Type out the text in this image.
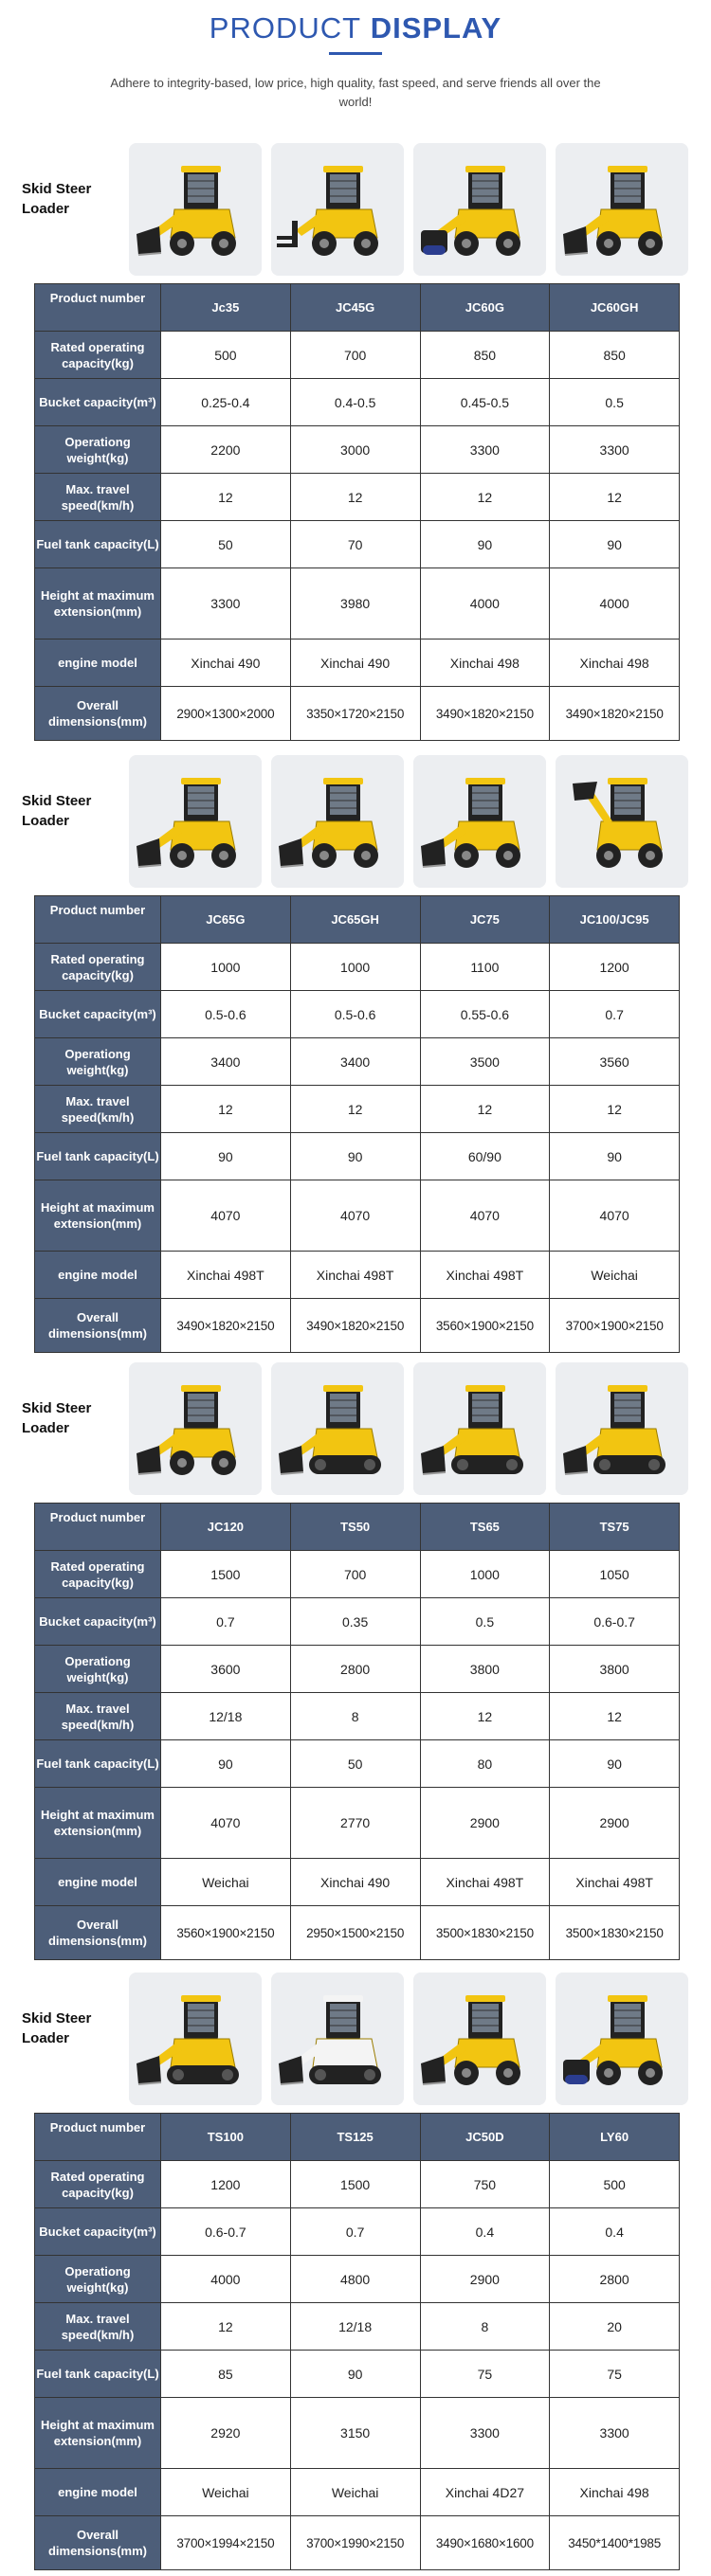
PRODUCT DISPLAY

Adhere to integrity-based, low price, high quality, fast speed, and serve friends all over the world!

Skid Steer Loader
Product number	Jc35	JC45G	JC60G	JC60GH
Rated operating capacity(kg)	500	700	850	850
Bucket capacity(m³)	0.25-0.4	0.4-0.5	0.45-0.5	0.5
Operationg weight(kg)	2200	3000	3300	3300
Max. travel speed(km/h)	12	12	12	12
Fuel tank capacity(L)	50	70	90	90
Height at maximum extension(mm)	3300	3980	4000	4000
engine model	Xinchai 490	Xinchai 490	Xinchai 498	Xinchai 498
Overall dimensions(mm)	2900×1300×2000	3350×1720×2150	3490×1820×2150	3490×1820×2150
Skid Steer Loader
Product number	JC65G	JC65GH	JC75	JC100/JC95
Rated operating capacity(kg)	1000	1000	1100	1200
Bucket capacity(m³)	0.5-0.6	0.5-0.6	0.55-0.6	0.7
Operationg weight(kg)	3400	3400	3500	3560
Max. travel speed(km/h)	12	12	12	12
Fuel tank capacity(L)	90	90	60/90	90
Height at maximum extension(mm)	4070	4070	4070	4070
engine model	Xinchai 498T	Xinchai 498T	Xinchai 498T	Weichai
Overall dimensions(mm)	3490×1820×2150	3490×1820×2150	3560×1900×2150	3700×1900×2150
Skid Steer Loader
Product number	JC120	TS50	TS65	TS75
Rated operating capacity(kg)	1500	700	1000	1050
Bucket capacity(m³)	0.7	0.35	0.5	0.6-0.7
Operationg weight(kg)	3600	2800	3800	3800
Max. travel speed(km/h)	12/18	8	12	12
Fuel tank capacity(L)	90	50	80	90
Height at maximum extension(mm)	4070	2770	2900	2900
engine model	Weichai	Xinchai 490	Xinchai 498T	Xinchai 498T
Overall dimensions(mm)	3560×1900×2150	2950×1500×2150	3500×1830×2150	3500×1830×2150
Skid Steer Loader
Product number	TS100	TS125	JC50D	LY60
Rated operating capacity(kg)	1200	1500	750	500
Bucket capacity(m³)	0.6-0.7	0.7	0.4	0.4
Operationg weight(kg)	4000	4800	2900	2800
Max. travel speed(km/h)	12	12/18	8	20
Fuel tank capacity(L)	85	90	75	75
Height at maximum extension(mm)	2920	3150	3300	3300
engine model	Weichai	Weichai	Xinchai 4D27	Xinchai 498
Overall dimensions(mm)	3700×1994×2150	3700×1990×2150	3490×1680×1600	3450*1400*1985
